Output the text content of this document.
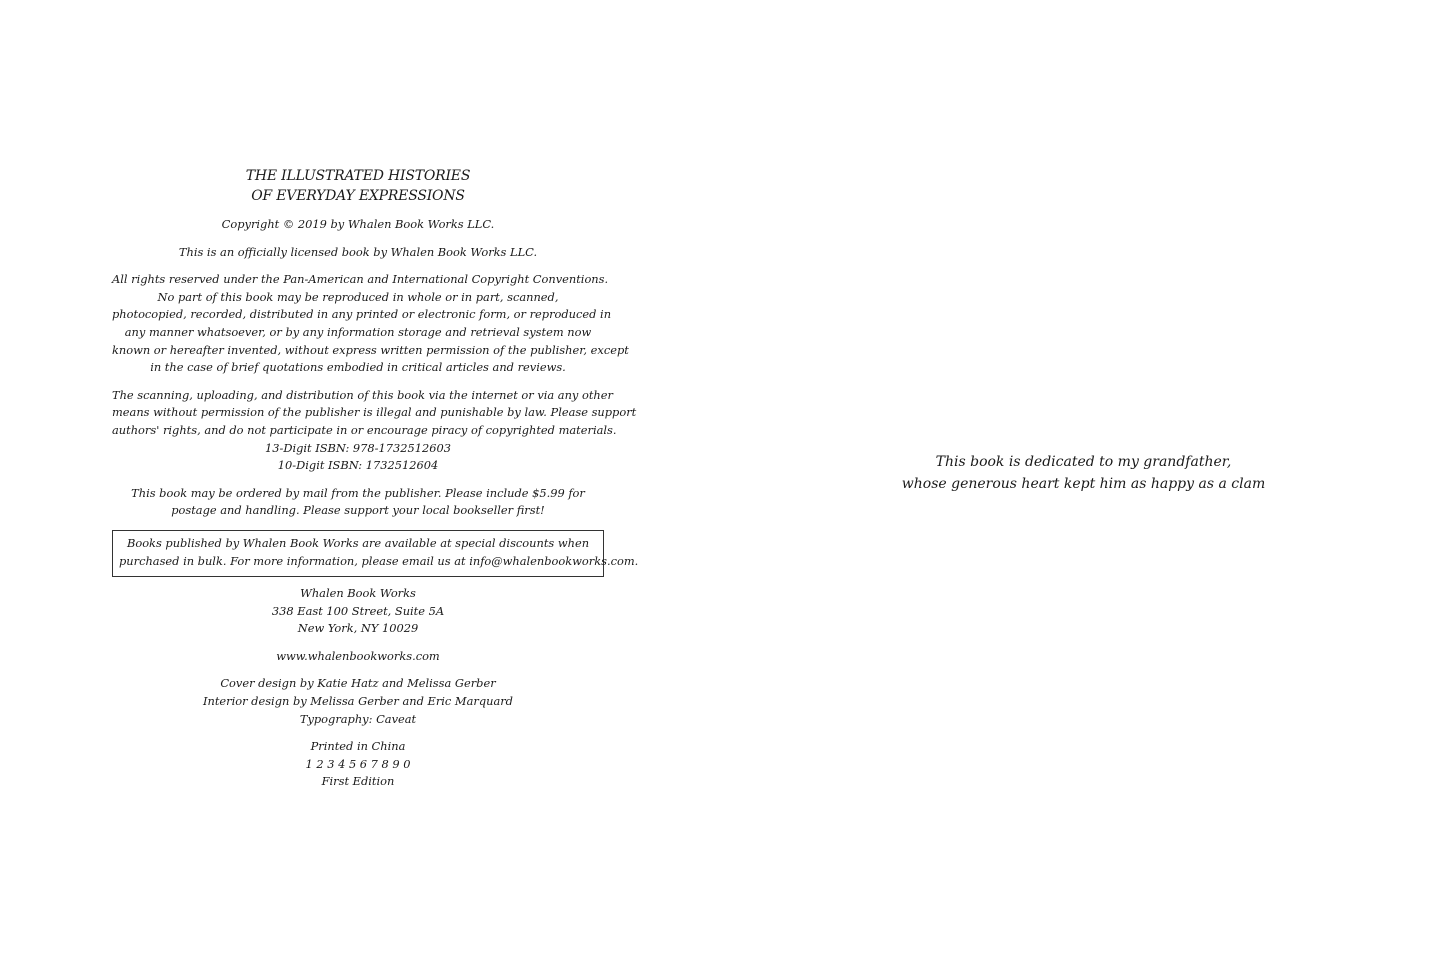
THE ILLUSTRATED HISTORIES
OF EVERYDAY EXPRESSIONS

Copyright © 2019 by Whalen Book Works LLC.

This is an officially licensed book by Whalen Book Works LLC.

All rights reserved under the Pan-American and International Copyright Conventions.
No part of this book may be reproduced in whole or in part, scanned,
photocopied, recorded, distributed in any printed or electronic form, or reproduced in
any manner whatsoever, or by any information storage and retrieval system now
known or hereafter invented, without express written permission of the publisher, except
in the case of brief quotations embodied in critical articles and reviews.

The scanning, uploading, and distribution of this book via the internet or via any other
means without permission of the publisher is illegal and punishable by law. Please support
authors' rights, and do not participate in or encourage piracy of copyrighted materials.
13-Digit ISBN: 978-1732512603
10-Digit ISBN: 1732512604

This book may be ordered by mail from the publisher. Please include $5.99 for
postage and handling. Please support your local bookseller first!

Books published by Whalen Book Works are available at special discounts when
purchased in bulk. For more information, please email us at info@whalenbookworks.com.

Whalen Book Works
338 East 100 Street, Suite 5A
New York, NY 10029

www.whalenbookworks.com

Cover design by Katie Hatz and Melissa Gerber
Interior design by Melissa Gerber and Eric Marquard
Typography: Caveat

Printed in China
1 2 3 4 5 6 7 8 9 0
First Edition

This book is dedicated to my grandfather,
whose generous heart kept him as happy as a clam
